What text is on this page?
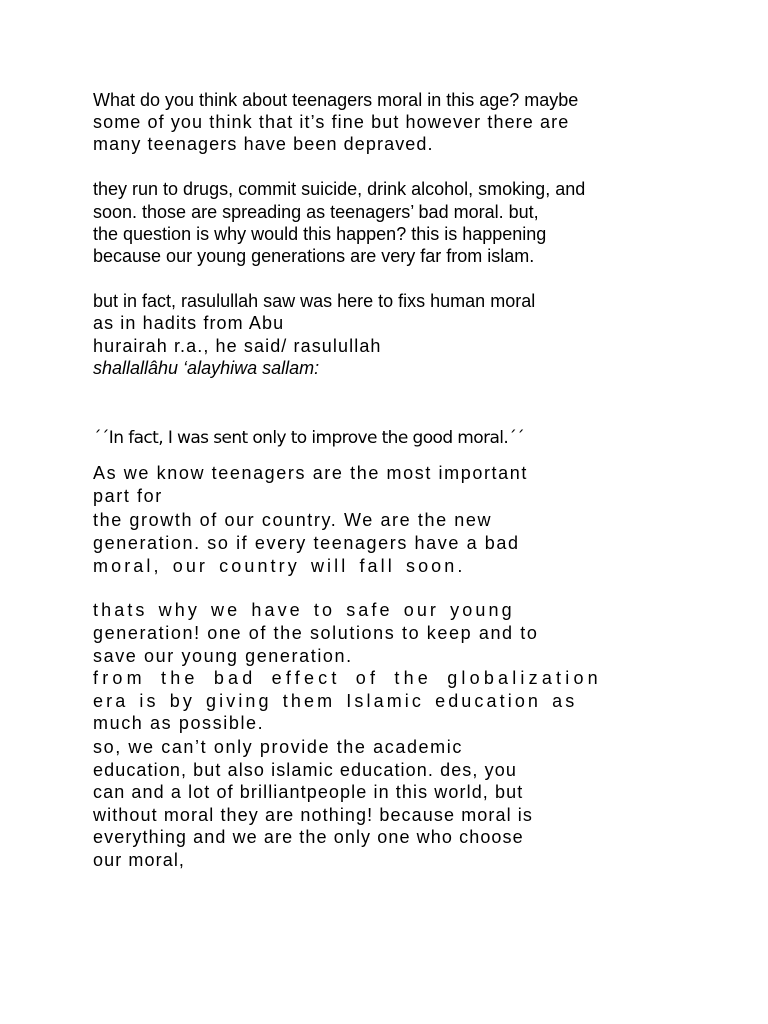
What do you think about teenagers moral in this age? maybe
some of you think that it’s fine but however there are
many teenagers have been depraved.
they run to drugs, commit suicide, drink alcohol, smoking, and
soon. those are spreading as teenagers’ bad moral. but,
the question is why would this happen? this is happening
because our young generations are very far from islam.
but in fact, rasulullah saw was here to fixs human moral
as in hadits from Abu
hurairah r.a., he said/ rasulullah
shallallâhu ‘alayhiwa sallam:
´´In fact, I was sent only to improve the good moral.´´
As we know teenagers are the most important
part for
the growth of our country. We are the new
generation. so if every teenagers have a bad
moral, our country will fall soon.
thats why we have to safe our young
generation! one of the solutions to keep and to
save our young generation.
from the bad effect of the globalization
era is by giving them Islamic education as
much as possible.
so, we can’t only provide the academic
education, but also islamic education. des, you
can and a lot of brilliantpeople in this world, but
without moral they are nothing! because moral is
everything and we are the only one who choose
our moral,
